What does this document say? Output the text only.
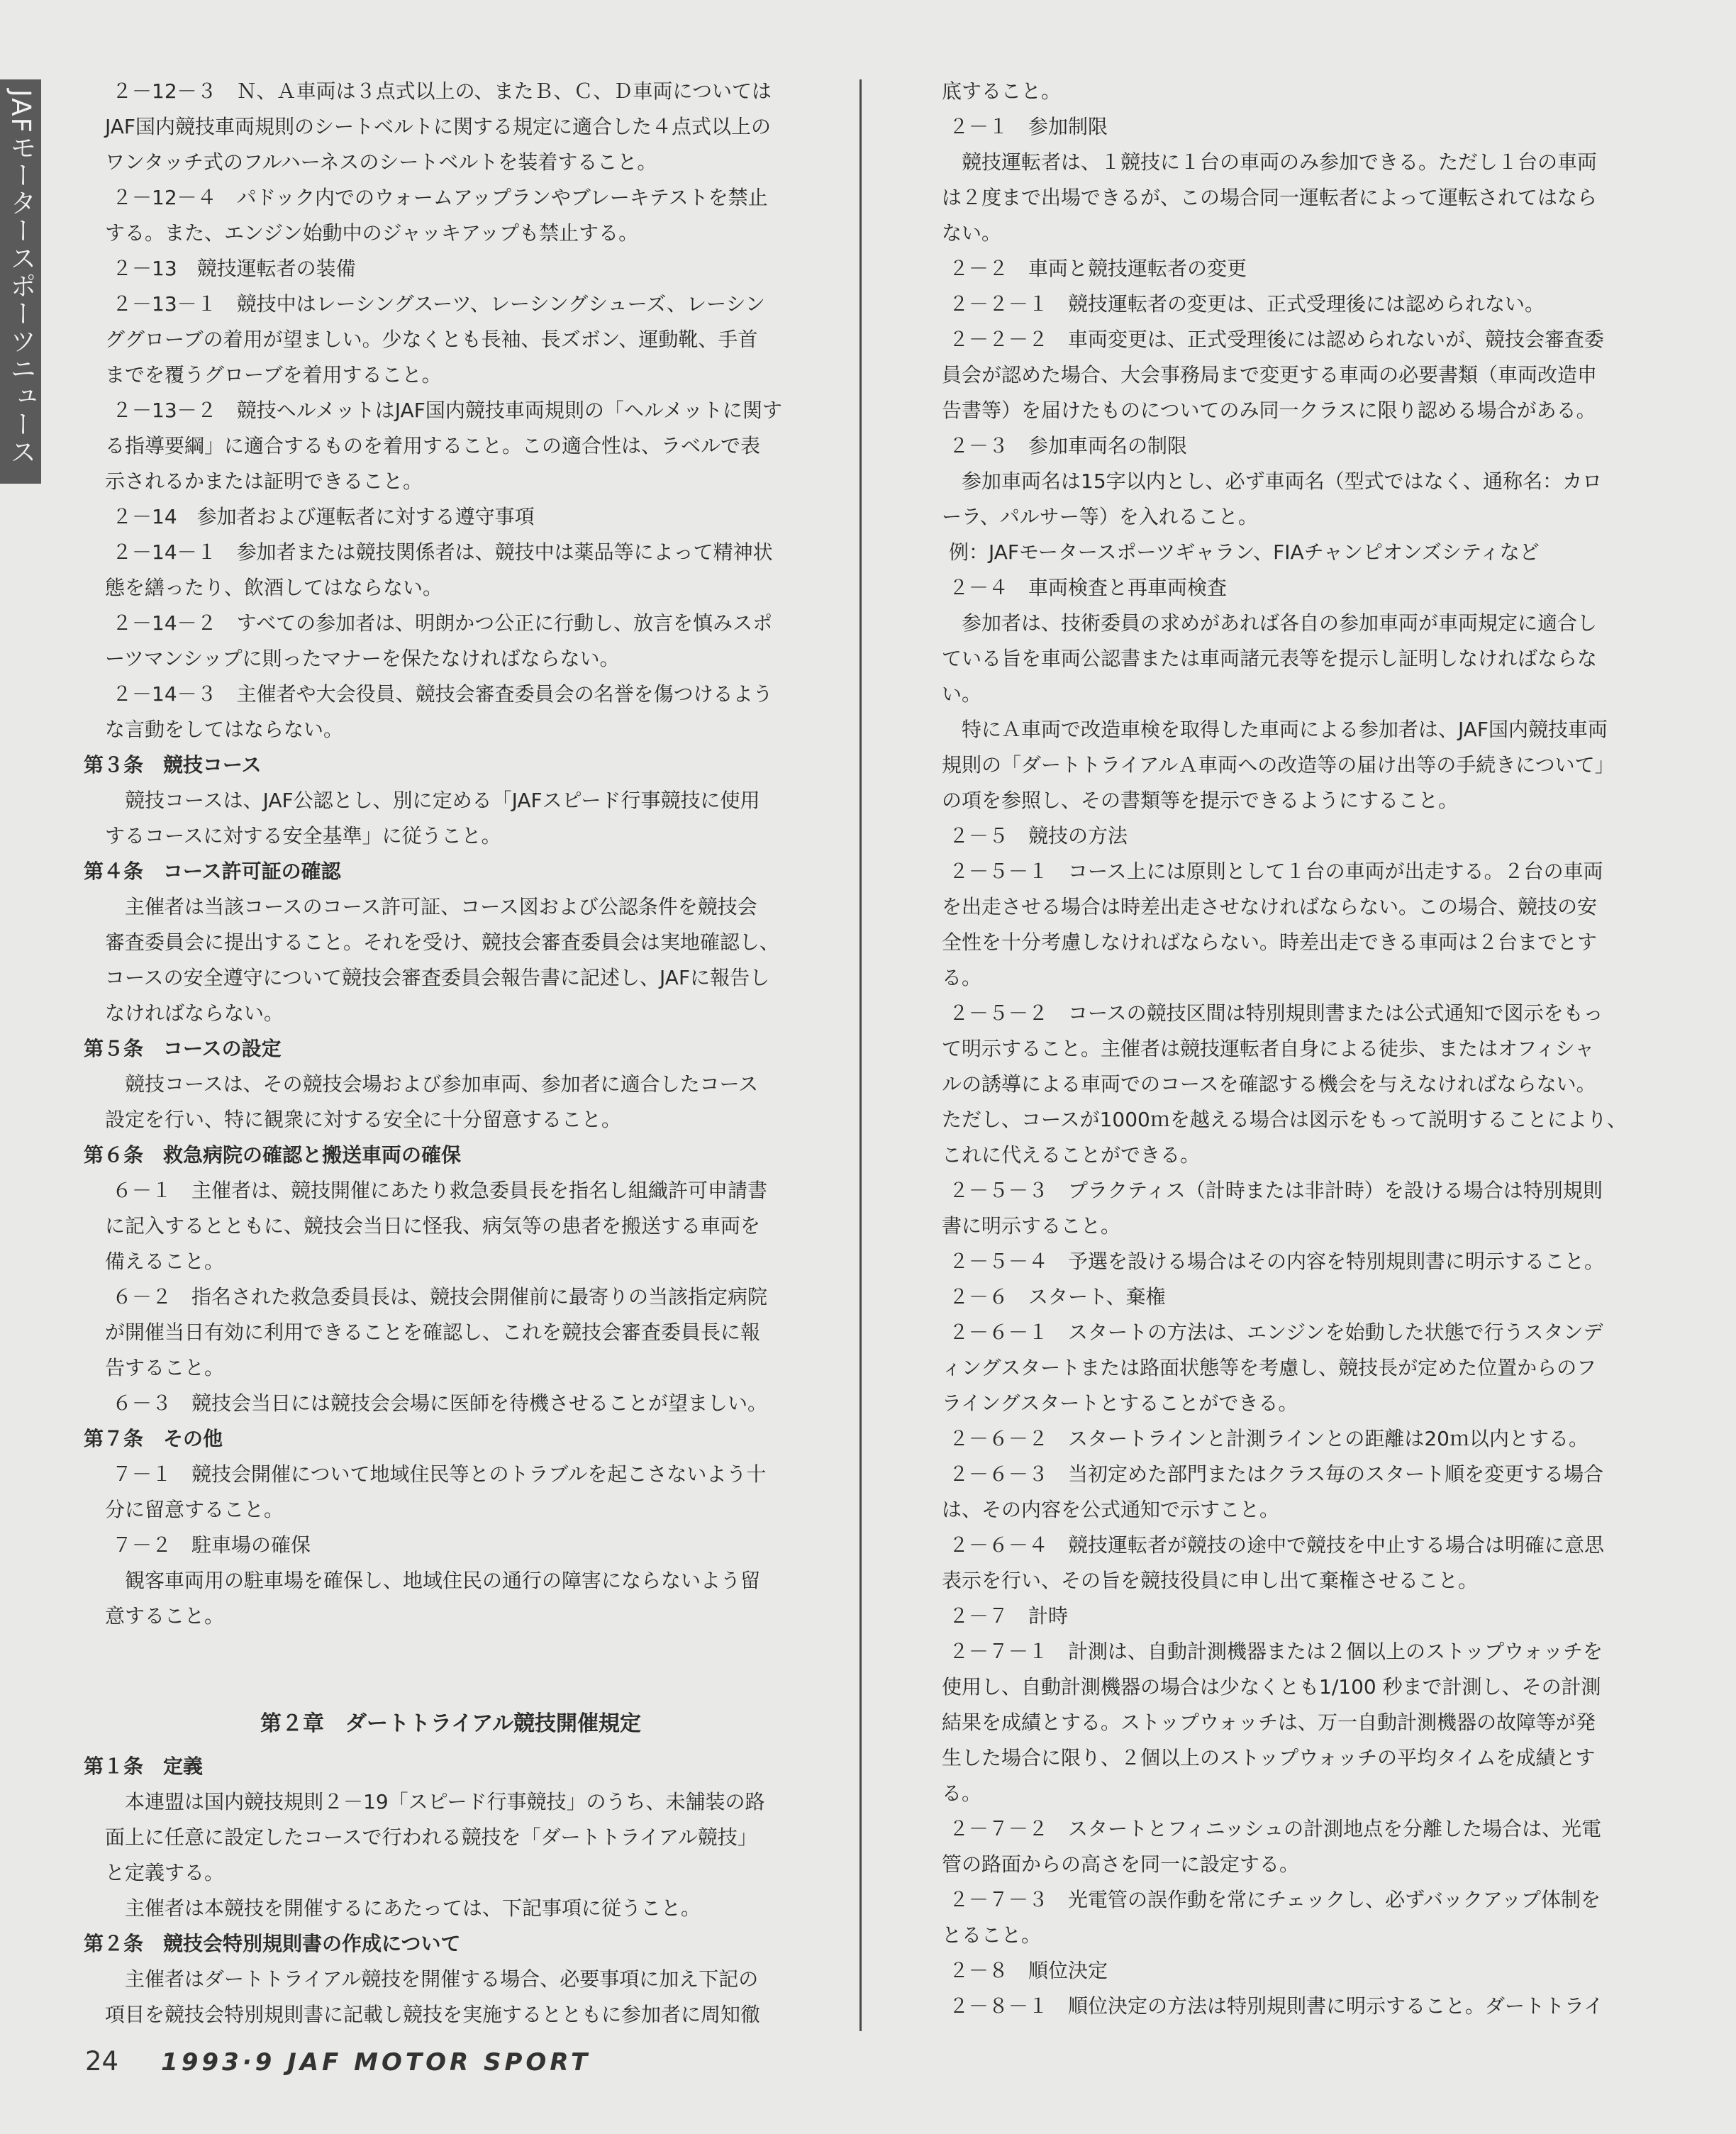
JAFモータースポーツニュース	２－12－３　Ｎ、Ａ車両は３点式以上の、またＢ、Ｃ、Ｄ車両については

JAF国内競技車両規則のシートベルトに関する規定に適合した４点式以上の

ワンタッチ式のフルハーネスのシートベルトを装着すること。

２－12－４　パドック内でのウォームアップランやブレーキテストを禁止

する。また、エンジン始動中のジャッキアップも禁止する。

２－13　競技運転者の装備

２－13－１　競技中はレーシングスーツ、レーシングシューズ、レーシン

ググローブの着用が望ましい。少なくとも長袖、長ズボン、運動靴、手首

までを覆うグローブを着用すること。

２－13－２　競技ヘルメットはJAF国内競技車両規則の「ヘルメットに関す

る指導要綱」に適合するものを着用すること。この適合性は、ラベルで表

示されるかまたは証明できること。

２－14　参加者および運転者に対する遵守事項

２－14－１　参加者または競技関係者は、競技中は薬品等によって精神状

態を繕ったり、飲酒してはならない。

２－14－２　すべての参加者は、明朗かつ公正に行動し、放言を慎みスポ

ーツマンシップに則ったマナーを保たなければならない。

２－14－３　主催者や大会役員、競技会審査委員会の名誉を傷つけるよう

な言動をしてはならない。

第３条　競技コース

競技コースは、JAF公認とし、別に定める「JAFスピード行事競技に使用

するコースに対する安全基準」に従うこと。

第４条　コース許可証の確認

主催者は当該コースのコース許可証、コース図および公認条件を競技会

審査委員会に提出すること。それを受け、競技会審査委員会は実地確認し、

コースの安全遵守について競技会審査委員会報告書に記述し、JAFに報告し

なければならない。

第５条　コースの設定

競技コースは、その競技会場および参加車両、参加者に適合したコース

設定を行い、特に観衆に対する安全に十分留意すること。

第６条　救急病院の確認と搬送車両の確保

６－１　主催者は、競技開催にあたり救急委員長を指名し組織許可申請書

に記入するとともに、競技会当日に怪我、病気等の患者を搬送する車両を

備えること。

６－２　指名された救急委員長は、競技会開催前に最寄りの当該指定病院

が開催当日有効に利用できることを確認し、これを競技会審査委員長に報

告すること。

６－３　競技会当日には競技会会場に医師を待機させることが望ましい。

第７条　その他

７－１　競技会開催について地域住民等とのトラブルを起こさないよう十

分に留意すること。

７－２　駐車場の確保

観客車両用の駐車場を確保し、地域住民の通行の障害にならないよう留

意すること。

第２章　ダートトライアル競技開催規定

第１条　定義

本連盟は国内競技規則２－19「スピード行事競技」のうち、未舗装の路

面上に任意に設定したコースで行われる競技を「ダートトライアル競技」

と定義する。

主催者は本競技を開催するにあたっては、下記事項に従うこと。

第２条　競技会特別規則書の作成について

主催者はダートトライアル競技を開催する場合、必要事項に加え下記の

項目を競技会特別規則書に記載し競技を実施するとともに参加者に周知徹

底すること。

２－１　参加制限

競技運転者は、１競技に１台の車両のみ参加できる。ただし１台の車両

は２度まで出場できるが、この場合同一運転者によって運転されてはなら

ない。

２－２　車両と競技運転者の変更

２－２－１　競技運転者の変更は、正式受理後には認められない。

２－２－２　車両変更は、正式受理後には認められないが、競技会審査委

員会が認めた場合、大会事務局まで変更する車両の必要書類（車両改造申

告書等）を届けたものについてのみ同一クラスに限り認める場合がある。

２－３　参加車両名の制限

参加車両名は15字以内とし、必ず車両名（型式ではなく、通称名：カロ

ーラ、パルサー等）を入れること。

例：JAFモータースポーツギャラン、FIAチャンピオンズシティなど

２－４　車両検査と再車両検査

参加者は、技術委員の求めがあれば各自の参加車両が車両規定に適合し

ている旨を車両公認書または車両諸元表等を提示し証明しなければならな

い。

特にＡ車両で改造車検を取得した車両による参加者は、JAF国内競技車両

規則の「ダートトライアルＡ車両への改造等の届け出等の手続きについて」

の項を参照し、その書類等を提示できるようにすること。

２－５　競技の方法

２－５－１　コース上には原則として１台の車両が出走する。２台の車両

を出走させる場合は時差出走させなければならない。この場合、競技の安

全性を十分考慮しなければならない。時差出走できる車両は２台までとす

る。

２－５－２　コースの競技区間は特別規則書または公式通知で図示をもっ

て明示すること。主催者は競技運転者自身による徒歩、またはオフィシャ

ルの誘導による車両でのコースを確認する機会を与えなければならない。

ただし、コースが1000ｍを越える場合は図示をもって説明することにより、

これに代えることができる。

２－５－３　プラクティス（計時または非計時）を設ける場合は特別規則

書に明示すること。

２－５－４　予選を設ける場合はその内容を特別規則書に明示すること。

２－６　スタート、棄権

２－６－１　スタートの方法は、エンジンを始動した状態で行うスタンデ

ィングスタートまたは路面状態等を考慮し、競技長が定めた位置からのフ

ライングスタートとすることができる。

２－６－２　スタートラインと計測ラインとの距離は20ｍ以内とする。

２－６－３　当初定めた部門またはクラス毎のスタート順を変更する場合

は、その内容を公式通知で示すこと。

２－６－４　競技運転者が競技の途中で競技を中止する場合は明確に意思

表示を行い、その旨を競技役員に申し出て棄権させること。

２－７　計時

２－７－１　計測は、自動計測機器または２個以上のストップウォッチを

使用し、自動計測機器の場合は少なくとも1/100 秒まで計測し、その計測

結果を成績とする。ストップウォッチは、万一自動計測機器の故障等が発

生した場合に限り、２個以上のストップウォッチの平均タイムを成績とす

る。

２－７－２　スタートとフィニッシュの計測地点を分離した場合は、光電

管の路面からの高さを同一に設定する。

２－７－３　光電管の誤作動を常にチェックし、必ずバックアップ体制を

とること。

２－８　順位決定

２－８－１　順位決定の方法は特別規則書に明示すること。ダートトライ

24 1993·9 JAF MOTOR SPORT
